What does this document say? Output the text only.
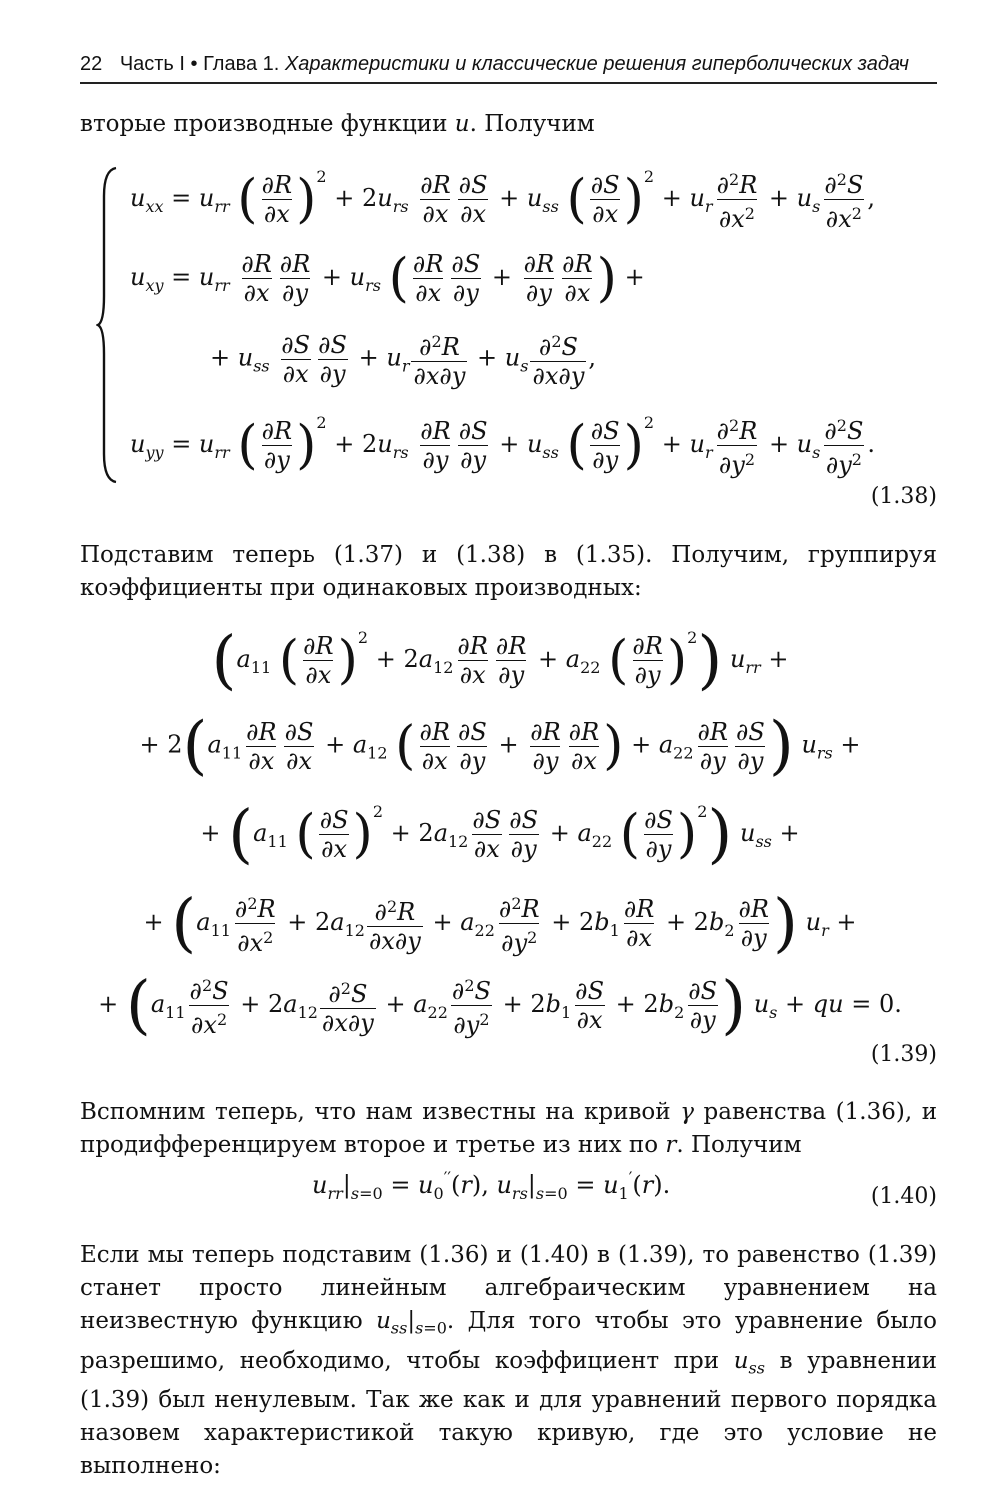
22 Часть I • Глава 1. Характеристики и классические решения гиперболических задач
вторые производные функции u. Получим
$u_{xx} = u_{rr}$ ( $\frac{\partial R}{\partial x} )^2 + 2u_{rs} \frac{\partial R}{\partial x} \frac{\partial S}{\partial x} + u_{ss}$ ( $\frac{\partial S}{\partial x} )^2 + u_r \frac{\partial^2R}{\partial x^2} + u_s \frac{\partial^2S}{\partial x^2}$ ,
$u_{xy} = u_{rr} \frac{\partial R}{\partial x} \frac{\partial R}{\partial y} + u_{rs}$ ( $\frac{\partial R}{\partial x} \frac{\partial S}{\partial y} + \frac{\partial R}{\partial y} \frac{\partial R}{\partial x}$ ) +
+ $u_{ss} \frac{\partial S}{\partial x} \frac{\partial S}{\partial y} + u_r \frac{\partial^2R}{\partial x\partial y} + u_s \frac{\partial^2S}{\partial x\partial y}$ ,
$u_{yy} = u_{rr}$ ( $\frac{\partial R}{\partial y} )^2 + 2u_{rs} \frac{\partial R}{\partial y} \frac{\partial S}{\partial y} + u_{ss}$ ( $\frac{\partial S}{\partial y} )^2 + u_r \frac{\partial^2R}{\partial y^2} + u_s \frac{\partial^2S}{\partial y^2}$ .
(1.38)
Подставим теперь (1.37) и (1.38) в (1.35). Получим, группируя коэффициенты при одинаковых производных:
($a_{11}$ ( $\frac{\partial R}{\partial x} )^2 + 2a_{12} \frac{\partial R}{\partial x} \frac{\partial R}{\partial y} + a_{22}$ ( $\frac{\partial R}{\partial y} )^2$) $u_{rr}$ +
+ $2(a_{11} \frac{\partial R}{\partial x} \frac{\partial S}{\partial x} + a_{12}$ ( $\frac{\partial R}{\partial x} \frac{\partial S}{\partial y} + \frac{\partial R}{\partial y} \frac{\partial R}{\partial x}$ ) + $a_{22} \frac{\partial R}{\partial y} \frac{\partial S}{\partial y}$ ) $u_{rs}$ +
+ ($a_{11}$ ( $\frac{\partial S}{\partial x} )^2 + 2a_{12} \frac{\partial S}{\partial x} \frac{\partial S}{\partial y} + a_{22}$ ( $\frac{\partial S}{\partial y} )^2$) $u_{ss}$ +
+ ($a_{11} \frac{\partial^2R}{\partial x^2} + 2a_{12} \frac{\partial^2R}{\partial x\partial y} + a_{22} \frac{\partial^2R}{\partial y^2} + 2b_1 \frac{\partial R}{\partial x} + 2b_2 \frac{\partial R}{\partial y}$ ) $u_r$ +
+ ($a_{11} \frac{\partial^2S}{\partial x^2} + 2a_{12} \frac{\partial^2S}{\partial x\partial y} + a_{22} \frac{\partial^2S}{\partial y^2} + 2b_1 \frac{\partial S}{\partial x} + 2b_2 \frac{\partial S}{\partial y}$ ) $u_s$ + qu = 0.
(1.39)
Вспомним теперь, что нам известны на кривой γ равенства (1.36), и продифференцируем второе и третье из них по r. Получим
$u_{rr}|_{s=0} = u_0''(r)$, $u_{rs}|_{s=0} = u_1'(r)$.	(1.40)
Если мы теперь подставим (1.36) и (1.40) в (1.39), то равенство (1.39) станет просто линейным алгебраическим уравнением на неизвестную функцию $u_{ss}|_{s=0}$. Для того чтобы это уравнение было разрешимо, необходимо, чтобы коэффициент при $u_{ss}$ в уравнении (1.39) был ненулевым. Так же как и для уравнений первого порядка назовем характеристикой такую кривую, где это условие не выполнено:
